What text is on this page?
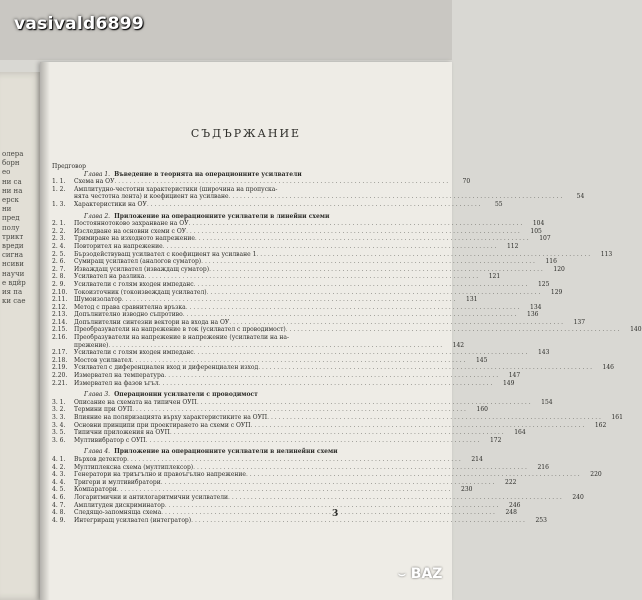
олера
борн
ео
ни са
ни на
ерск
ни
пред
полу
трикт
вреди
сигна
нсиви
научи
е вдйр
ия па
ки сае
vasivald6899
СЪДЪРЖАНИЕ
Предговор
Глава 1. Въведение в теорията на операционните усилватели
1. 1.	Схема на ОУ . . .	70
1. 2.	Амплитудно-честотни характеристики (широчина на пропуска-
нята честотна лента) и коефициент на усилване . . .	54
1. 3.	Характеристики на ОУ . . .	55
Глава 2. Приложение на операционните усилватели в линейни схеми
2. 1.	Постояннотоково захранване на ОУ . . .	104
2. 2.	Изследване на основни схеми с ОУ . . .	105
2. 3.	Тримиране на изходното напрежение . . .	107
2. 4.	Повторител на напрежение . . .	112
2. 5.	Бързодействуващ усилвател с коефициент на усилване 1 . . .	113
2. 6.	Сумиращ усилвател (аналогов суматор) . . .	116
2. 7.	Изваждащ усилвател (изваждащ суматор) . . .	120
2. 8.	Усилвател на разлика . . .	121
2. 9.	Усилватели с голям входен импеданс . . .	125
2.10.	Токоизточник (токоизвеждащ усилвател) . . .	129
2.11.	Шумоизолатор . . .	131
2.12.	Метод с права сравнителна връзка . . .	134
2.13.	Допълнително изводно съпротиво . . .	136
2.14.	Допълнителни синтезни вектори на входа на ОУ . . .	137
2.15.	Преобразуватели на напрежение в ток (усилвател с проводимост) . . .	140
2.16.	Преобразуватели на напрежение в напрежение (усилватели на на-
прежение) . . .	142
2.17.	Усилватели с голям входен импеданс . . .	143
2.18.	Мостов усилвател . . .	145
2.19.	Усилвател с диференциален вход и диференциален изход . . .	146
2.20.	Измервател на температура . . .	147
2.21.	Измервател на фазов ъгъл . . .	149
Глава 3. Операционни усилватели с проводимост
3. 1.	Описание на схемата на типичен ОУП . . .	154
3. 2.	Термини при ОУП . . .	160
3. 3.	Влияние на поляризацията върху характеристиките на ОУП . . .	161
3. 4.	Основни принципи при проектирането на схеми с ОУП . . .	162
3. 5.	Типични приложения на ОУП . . .	164
3. 6.	Мултивибратор с ОУП . . .	172
Глава 4. Приложение на операционните усилватели в нелинейни схеми
4. 1.	Върхов детектор . . .	214
4. 2.	Мултиплексна схема (мултиплексор) . . .	216
4. 3.	Генератори на триъгълно и правоъгълно напрежение . . .	220
4. 4.	Тригери и мултивибратори . . .	222
4. 5.	Компаратори . . .	230
4. 6.	Логаритмични и антилогаритмични усилватели . . .	240
4. 7.	Амплитуден дискриминатор . . .	246
4. 8.	Следящо-запомняща схема . . .	248
4. 9.	Интегриращ усилвател (интегратор) . . .	253
3
⌣ BAZ
